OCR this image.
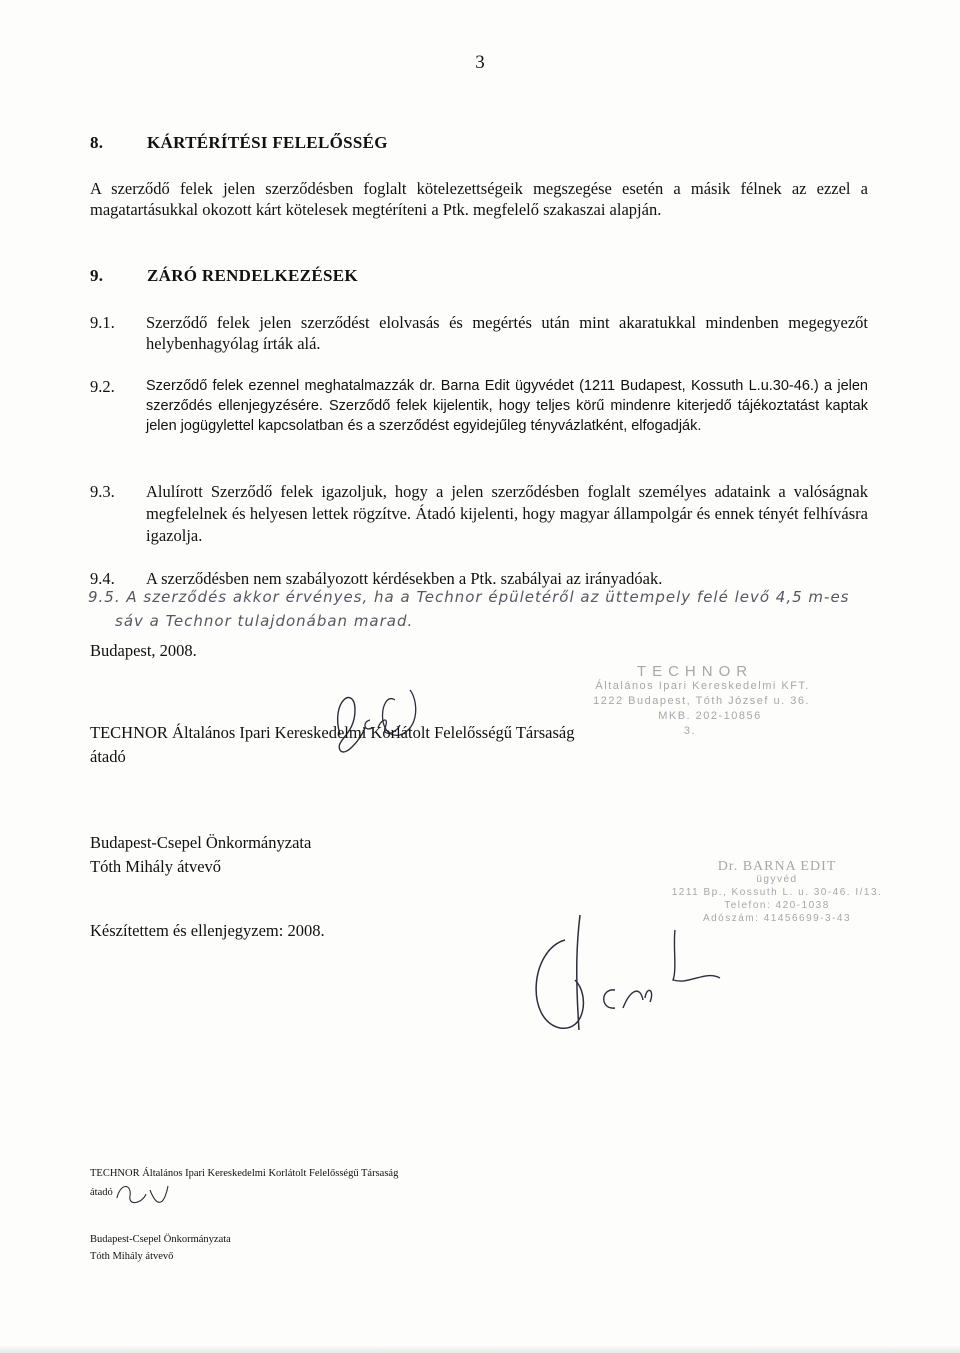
3
8.	KÁRTÉRÍTÉSI FELELŐSSÉG
A szerződő felek jelen szerződésben foglalt kötelezettségeik megszegése esetén a másik félnek az ezzel a magatartásukkal okozott kárt kötelesek megtéríteni a Ptk. megfelelő szakaszai alapján.
9.	ZÁRÓ RENDELKEZÉSEK
9.1. Szerződő felek jelen szerződést elolvasás és megértés után mint akaratukkal mindenben megegyezőt helybenhagyólag írták alá.
9.2. Szerződő felek ezennel meghatalmazzák dr. Barna Edit ügyvédet (1211 Budapest, Kossuth L.u.30-46.) a jelen szerződés ellenjegyzésére. Szerződő felek kijelentik, hogy teljes körű mindenre kiterjedő tájékoztatást kaptak jelen jogügylettel kapcsolatban és a szerződést egyidejűleg tényvázlatként, elfogadják.
9.3. Alulírott Szerződő felek igazoljuk, hogy a jelen szerződésben foglalt személyes adataink a valóságnak megfelelnek és helyesen lettek rögzítve. Átadó kijelenti, hogy magyar állampolgár és ennek tényét felhívásra igazolja.
9.4. A szerződésben nem szabályozott kérdésekben a Ptk. szabályai az irányadóak.
9.5. A szerződés akkor érvényes, ha a Technor épületéről az üttempely felé levő 4,5 m-es
sáv a Technor tulajdonában marad.
Budapest, 2008.
TECHNOR
Általános Ipari Kereskedelmi KFT.
1222 Budapest, Tóth József u. 36.
MKB. 202-10856
3.
TECHNOR Általános Ipari Kereskedelmi Korlátolt Felelősségű Társaság
átadó
Budapest-Csepel Önkormányzata
Tóth Mihály átvevő
Készítettem és ellenjegyzem: 2008.
Dr. BARNA EDIT
ügyvéd
1211 Bp., Kossuth L. u. 30-46. I/13.
Telefon: 420-1038
Adószám: 41456699-3-43
TECHNOR Általános Ipari Kereskedelmi Korlátolt Felelősségű Társaság
átadó
Budapest-Csepel Önkormányzata
Tóth Mihály átvevő
